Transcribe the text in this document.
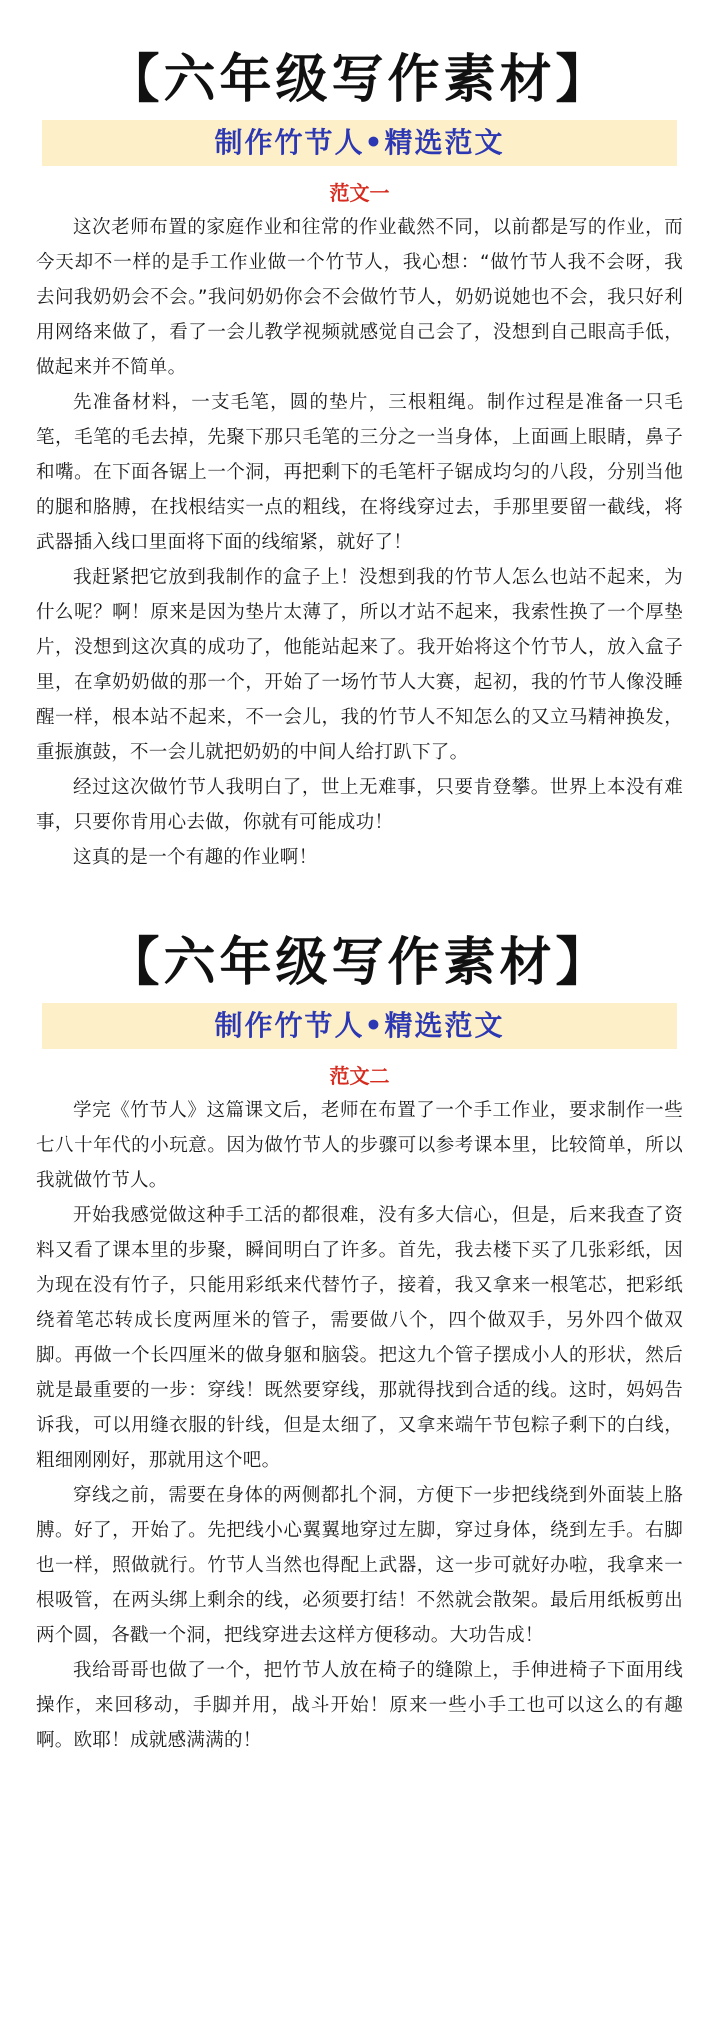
【六年级写作素材】
制作竹节人•精选范文
范文一

这次老师布置的家庭作业和往常的作业截然不同，以前都是写的作业，而今天却不一样的是手工作业做一个竹节人，我心想：“做竹节人我不会呀，我去问我奶奶会不会。”我问奶奶你会不会做竹节人，奶奶说她也不会，我只好利用网络来做了，看了一会儿教学视频就感觉自己会了，没想到自己眼高手低，做起来并不简单。

先准备材料，一支毛笔，圆的垫片，三根粗绳。制作过程是准备一只毛笔，毛笔的毛去掉，先聚下那只毛笔的三分之一当身体，上面画上眼睛，鼻子和嘴。在下面各锯上一个洞，再把剩下的毛笔杆子锯成均匀的八段，分别当他的腿和胳膊，在找根结实一点的粗线，在将线穿过去，手那里要留一截线，将武器插入线口里面将下面的线缩紧，就好了！

我赶紧把它放到我制作的盒子上！没想到我的竹节人怎么也站不起来，为什么呢？啊！原来是因为垫片太薄了，所以才站不起来，我索性换了一个厚垫片，没想到这次真的成功了，他能站起来了。我开始将这个竹节人，放入盒子里，在拿奶奶做的那一个，开始了一场竹节人大赛，起初，我的竹节人像没睡醒一样，根本站不起来，不一会儿，我的竹节人不知怎么的又立马精神换发，重振旗鼓，不一会儿就把奶奶的中间人给打趴下了。

经过这次做竹节人我明白了，世上无难事，只要肯登攀。世界上本没有难事，只要你肯用心去做，你就有可能成功！

这真的是一个有趣的作业啊！

【六年级写作素材】
制作竹节人•精选范文
范文二

学完《竹节人》这篇课文后，老师在布置了一个手工作业，要求制作一些七八十年代的小玩意。因为做竹节人的步骤可以参考课本里，比较简单，所以我就做竹节人。

开始我感觉做这种手工活的都很难，没有多大信心，但是，后来我查了资料又看了课本里的步聚，瞬间明白了许多。首先，我去楼下买了几张彩纸，因为现在没有竹子，只能用彩纸来代替竹子，接着，我又拿来一根笔芯，把彩纸绕着笔芯转成长度两厘米的管子，需要做八个，四个做双手，另外四个做双脚。再做一个长四厘米的做身躯和脑袋。把这九个管子摆成小人的形状，然后就是最重要的一步：穿线！既然要穿线，那就得找到合适的线。这时，妈妈告诉我，可以用缝衣服的针线，但是太细了，又拿来端午节包粽子剩下的白线，粗细刚刚好，那就用这个吧。

穿线之前，需要在身体的两侧都扎个洞，方便下一步把线绕到外面装上胳膊。好了，开始了。先把线小心翼翼地穿过左脚，穿过身体，绕到左手。右脚也一样，照做就行。竹节人当然也得配上武器，这一步可就好办啦，我拿来一根吸管，在两头绑上剩余的线，必须要打结！不然就会散架。最后用纸板剪出两个圆，各戳一个洞，把线穿进去这样方便移动。大功告成！

我给哥哥也做了一个，把竹节人放在椅子的缝隙上，手伸进椅子下面用线操作，来回移动，手脚并用，战斗开始！原来一些小手工也可以这么的有趣啊。欧耶！成就感满满的！
